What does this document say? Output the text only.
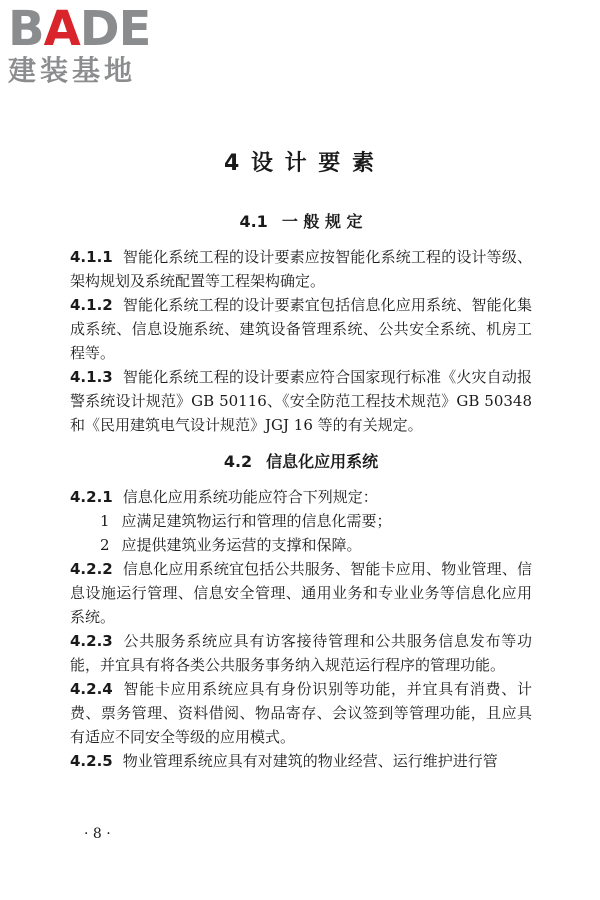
BADE
建装基地
4 设 计 要 素
4.1 一 般 规 定

4.1.1 智能化系统工程的设计要素应按智能化系统工程的设计等级、架构规划及系统配置等工程架构确定。

4.1.2 智能化系统工程的设计要素宜包括信息化应用系统、智能化集成系统、信息设施系统、建筑设备管理系统、公共安全系统、机房工程等。

4.1.3 智能化系统工程的设计要素应符合国家现行标准《火灾自动报警系统设计规范》GB 50116、《安全防范工程技术规范》GB 50348 和《民用建筑电气设计规范》JGJ 16 等的有关规定。

4.2 信息化应用系统

4.2.1 信息化应用系统功能应符合下列规定：

1 应满足建筑物运行和管理的信息化需要；

2 应提供建筑业务运营的支撑和保障。

4.2.2 信息化应用系统宜包括公共服务、智能卡应用、物业管理、信息设施运行管理、信息安全管理、通用业务和专业业务等信息化应用系统。

4.2.3 公共服务系统应具有访客接待管理和公共服务信息发布等功能，并宜具有将各类公共服务事务纳入规范运行程序的管理功能。

4.2.4 智能卡应用系统应具有身份识别等功能，并宜具有消费、计费、票务管理、资料借阅、物品寄存、会议签到等管理功能，且应具有适应不同安全等级的应用模式。

4.2.5 物业管理系统应具有对建筑的物业经营、运行维护进行管

· 8 ·
